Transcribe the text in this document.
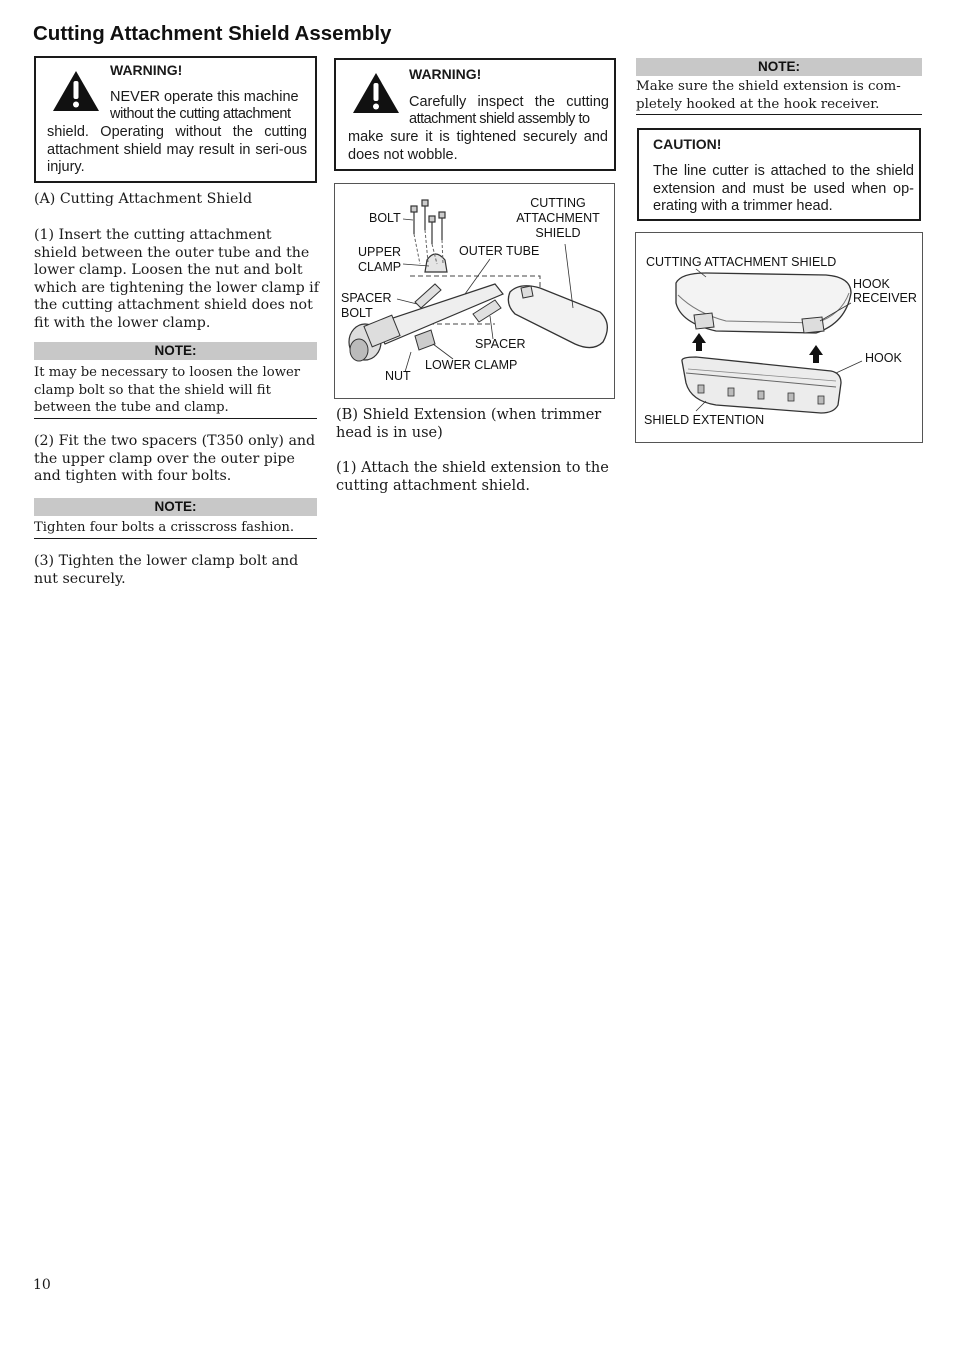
Cutting Attachment Shield Assembly
WARNING!
NEVER operate this machine
without the cutting attachment
shield. Operating without the cutting attachment shield may result in seri-ous injury.
(A) Cutting Attachment Shield
(1) Insert the cutting attachment shield between the outer tube and the lower clamp. Loosen the nut and bolt which are tightening the lower clamp if the cutting attachment shield does not fit with the lower clamp.
NOTE:
It may be necessary to loosen the lower clamp bolt so that the shield will fit between the tube and clamp.
(2) Fit the two spacers (T350 only) and the upper clamp over the outer pipe and tighten with four bolts.
NOTE:
Tighten four bolts a crisscross fashion.
(3) Tighten the lower clamp bolt and nut securely.
WARNING!
Carefully inspect the cutting
attachment shield assembly to
make sure it is tightened securely and does not wobble.
CUTTING
ATTACHMENT
SHIELD
BOLT
UPPER
CLAMP
OUTER TUBE
SPACER
BOLT
SPACER
LOWER CLAMP
NUT
(B) Shield Extension (when trimmer head is in use)
(1) Attach the shield extension to the cutting attachment shield.
NOTE:
Make sure the shield extension is com-pletely hooked at the hook receiver.
CAUTION!
The line cutter is attached to the shield extension and must be used when op-erating with a trimmer head.
CUTTING ATTACHMENT SHIELD
HOOK
RECEIVER
HOOK
SHIELD EXTENTION
10
